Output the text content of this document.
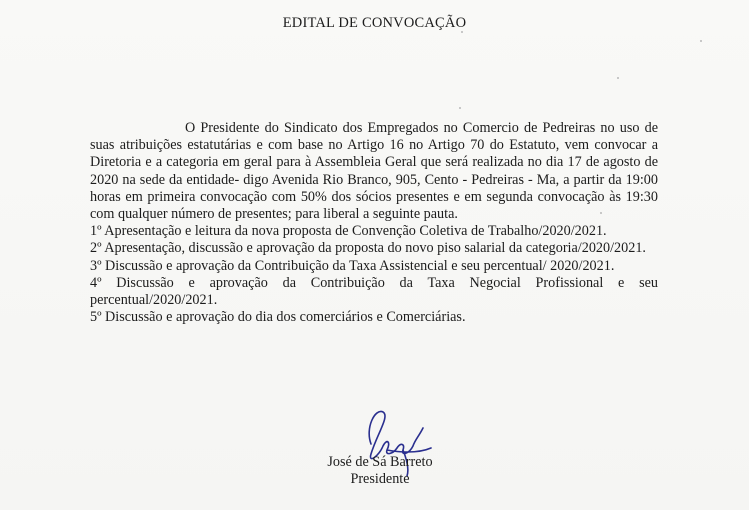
EDITAL DE CONVOCAÇÃO

O Presidente do Sindicato dos Empregados no Comercio de Pedreiras no uso de suas atribuições estatutárias e com base no Artigo 16 no Artigo 70 do Estatuto, vem convocar a Diretoria e a categoria em geral para à Assembleia Geral que será realizada no dia 17 de agosto de 2020 na sede da entidade- digo Avenida Rio Branco, 905, Cento - Pedreiras - Ma, a partir da 19:00 horas em primeira convocação com 50% dos sócios presentes e em segunda convocação às 19:30 com qualquer número de presentes; para liberal a seguinte pauta.

1º Apresentação e leitura da nova proposta de Convenção Coletiva de Trabalho/2020/2021.

2º Apresentação, discussão e aprovação da proposta do novo piso salarial da categoria/2020/2021.

3º Discussão e aprovação da Contribuição da Taxa Assistencial e seu percentual/ 2020/2021.

4º Discussão e aprovação da Contribuição da Taxa Negocial Profissional e seu percentual/2020/2021.

5º Discussão e aprovação do dia dos comerciários e Comerciárias.

José de Sá Barreto
Presidente
